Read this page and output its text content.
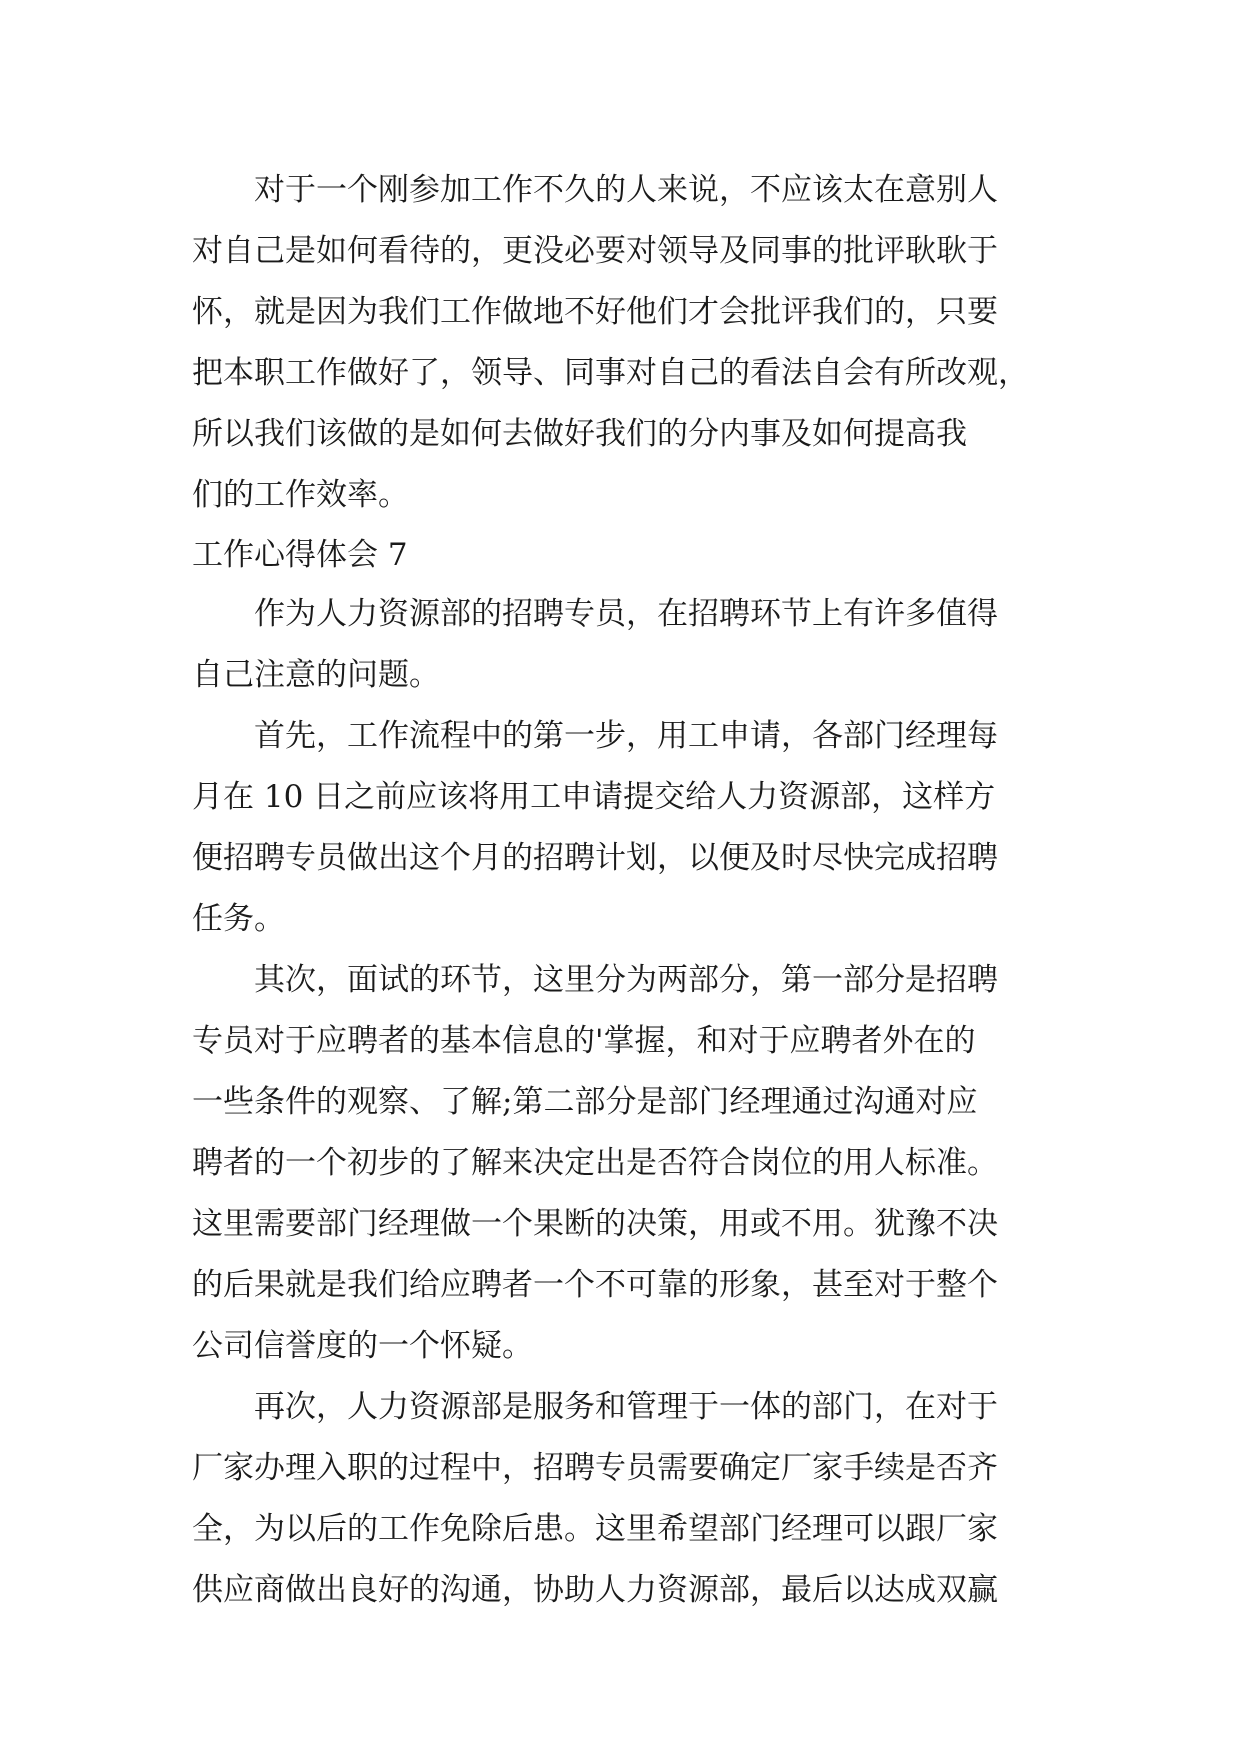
对于一个刚参加工作不久的人来说，不应该太在意别人
对自己是如何看待的，更没必要对领导及同事的批评耿耿于
怀，就是因为我们工作做地不好他们才会批评我们的，只要
把本职工作做好了，领导、同事对自己的看法自会有所改观，
所以我们该做的是如何去做好我们的分内事及如何提高我
们的工作效率。
工作心得体会 7
作为人力资源部的招聘专员，在招聘环节上有许多值得
自己注意的问题。
首先，工作流程中的第一步，用工申请，各部门经理每
月在 10 日之前应该将用工申请提交给人力资源部，这样方
便招聘专员做出这个月的招聘计划，以便及时尽快完成招聘
任务。
其次，面试的环节，这里分为两部分，第一部分是招聘
专员对于应聘者的基本信息的'掌握，和对于应聘者外在的
一些条件的观察、了解;第二部分是部门经理通过沟通对应
聘者的一个初步的了解来决定出是否符合岗位的用人标准。
这里需要部门经理做一个果断的决策，用或不用。犹豫不决
的后果就是我们给应聘者一个不可靠的形象，甚至对于整个
公司信誉度的一个怀疑。
再次，人力资源部是服务和管理于一体的部门，在对于
厂家办理入职的过程中，招聘专员需要确定厂家手续是否齐
全，为以后的工作免除后患。这里希望部门经理可以跟厂家
供应商做出良好的沟通，协助人力资源部，最后以达成双赢
